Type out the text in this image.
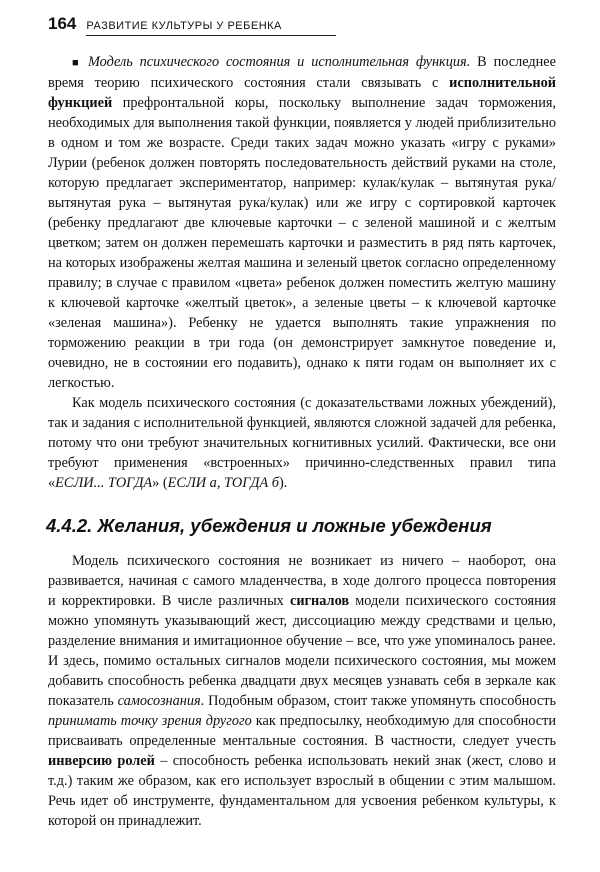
164 РАЗВИТИЕ КУЛЬТУРЫ У РЕБЕНКА

■ Модель психического состояния и исполнительная функция. В последнее время теорию психического состояния стали связывать с исполнительной функцией префронтальной коры, поскольку выполнение задач торможения, необходимых для выполнения такой функции, появляется у людей приблизительно в одном и том же возрасте. Среди таких задач можно указать «игру с руками» Лурии (ребенок должен повторять последовательность действий руками на столе, которую предлагает экспериментатор, например: кулак/кулак – вытянутая рука/вытянутая рука – вытянутая рука/кулак) или же игру с сортировкой карточек (ребенку предлагают две ключевые карточки – с зеленой машиной и с желтым цветком; затем он должен перемешать карточки и разместить в ряд пять карточек, на которых изображены желтая машина и зеленый цветок согласно определенному правилу; в случае с правилом «цвета» ребенок должен поместить желтую машину к ключевой карточке «желтый цветок», а зеленые цветы – к ключевой карточке «зеленая машина»). Ребенку не удается выполнять такие упражнения по торможению реакции в три года (он демонстрирует замкнутое поведение и, очевидно, не в состоянии его подавить), однако к пяти годам он выполняет их с легкостью.

Как модель психического состояния (с доказательствами ложных убеждений), так и задания с исполнительной функцией, являются сложной задачей для ребенка, потому что они требуют значительных когнитивных усилий. Фактически, все они требуют применения «встроенных» причинно-следственных правил типа «ЕСЛИ... ТОГДА» (ЕСЛИ а, ТОГДА б).

4.4.2. Желания, убеждения и ложные убеждения

Модель психического состояния не возникает из ничего – наоборот, она развивается, начиная с самого младенчества, в ходе долгого процесса повторения и корректировки. В числе различных сигналов модели психического состояния можно упомянуть указывающий жест, диссоциацию между средствами и целью, разделение внимания и имитационное обучение – все, что уже упоминалось ранее. И здесь, помимо остальных сигналов модели психического состояния, мы можем добавить способность ребенка двадцати двух месяцев узнавать себя в зеркале как показатель самосознания. Подобным образом, стоит также упомянуть способность принимать точку зрения другого как предпосылку, необходимую для способности присваивать определенные ментальные состояния. В частности, следует учесть инверсию ролей – способность ребенка использовать некий знак (жест, слово и т.д.) таким же образом, как его использует взрослый в общении с этим малышом. Речь идет об инструменте, фундаментальном для усвоения ребенком культуры, к которой он принадлежит.
